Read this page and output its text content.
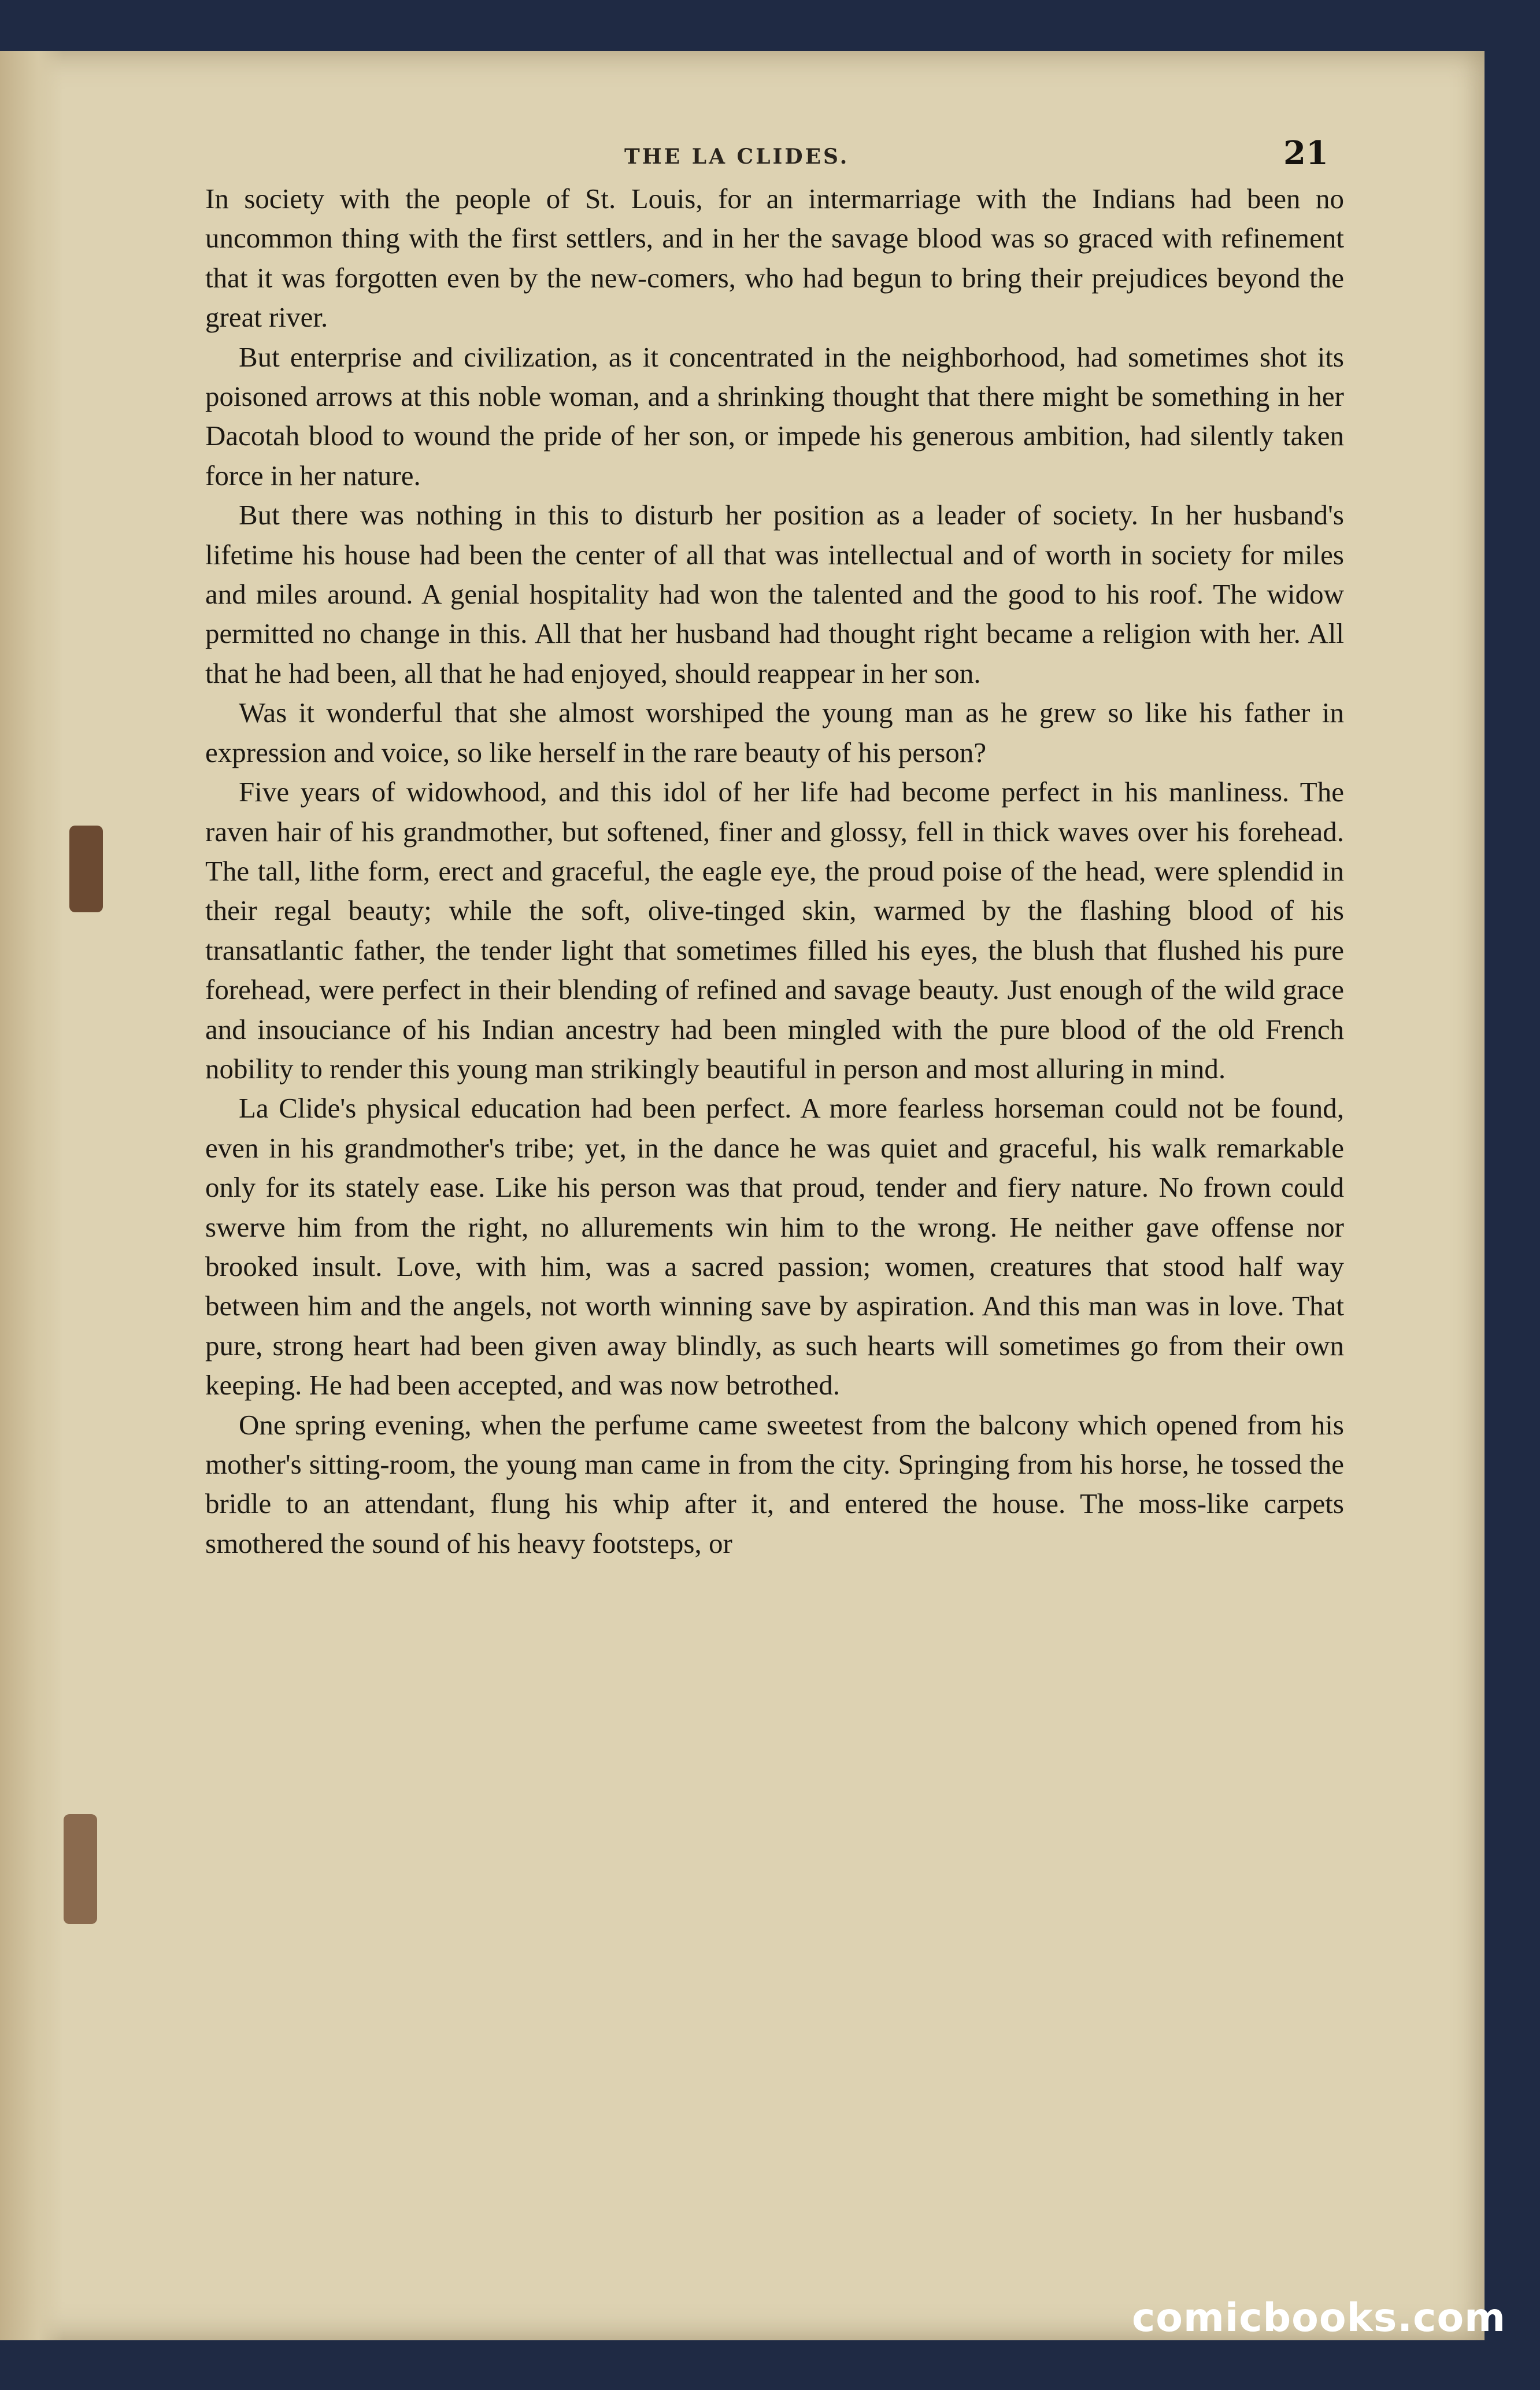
THE LA CLIDES.	21

In society with the people of St. Louis, for an intermarriage with the Indians had been no uncommon thing with the first settlers, and in her the savage blood was so graced with refinement that it was forgotten even by the new-comers, who had begun to bring their prejudices beyond the great river.

But enterprise and civilization, as it concentrated in the neighborhood, had sometimes shot its poisoned arrows at this noble woman, and a shrinking thought that there might be something in her Dacotah blood to wound the pride of her son, or impede his generous ambition, had silently taken force in her nature.

But there was nothing in this to disturb her position as a leader of society. In her husband's lifetime his house had been the center of all that was intellectual and of worth in society for miles and miles around. A genial hospitality had won the talented and the good to his roof. The widow permitted no change in this. All that her husband had thought right became a religion with her. All that he had been, all that he had enjoyed, should reappear in her son.

Was it wonderful that she almost worshiped the young man as he grew so like his father in expression and voice, so like herself in the rare beauty of his person?

Five years of widowhood, and this idol of her life had become perfect in his manliness. The raven hair of his grandmother, but softened, finer and glossy, fell in thick waves over his forehead. The tall, lithe form, erect and graceful, the eagle eye, the proud poise of the head, were splendid in their regal beauty; while the soft, olive-tinged skin, warmed by the flashing blood of his transatlantic father, the tender light that sometimes filled his eyes, the blush that flushed his pure forehead, were perfect in their blending of refined and savage beauty. Just enough of the wild grace and insouciance of his Indian ancestry had been mingled with the pure blood of the old French nobility to render this young man strikingly beautiful in person and most alluring in mind.

La Clide's physical education had been perfect. A more fearless horseman could not be found, even in his grandmother's tribe; yet, in the dance he was quiet and graceful, his walk remarkable only for its stately ease. Like his person was that proud, tender and fiery nature. No frown could swerve him from the right, no allurements win him to the wrong. He neither gave offense nor brooked insult. Love, with him, was a sacred passion; women, creatures that stood half way between him and the angels, not worth winning save by aspiration. And this man was in love. That pure, strong heart had been given away blindly, as such hearts will sometimes go from their own keeping. He had been accepted, and was now betrothed.

One spring evening, when the perfume came sweetest from the balcony which opened from his mother's sitting-room, the young man came in from the city. Springing from his horse, he tossed the bridle to an attendant, flung his whip after it, and entered the house. The moss-like carpets smothered the sound of his heavy footsteps, or

comicbooks.com
